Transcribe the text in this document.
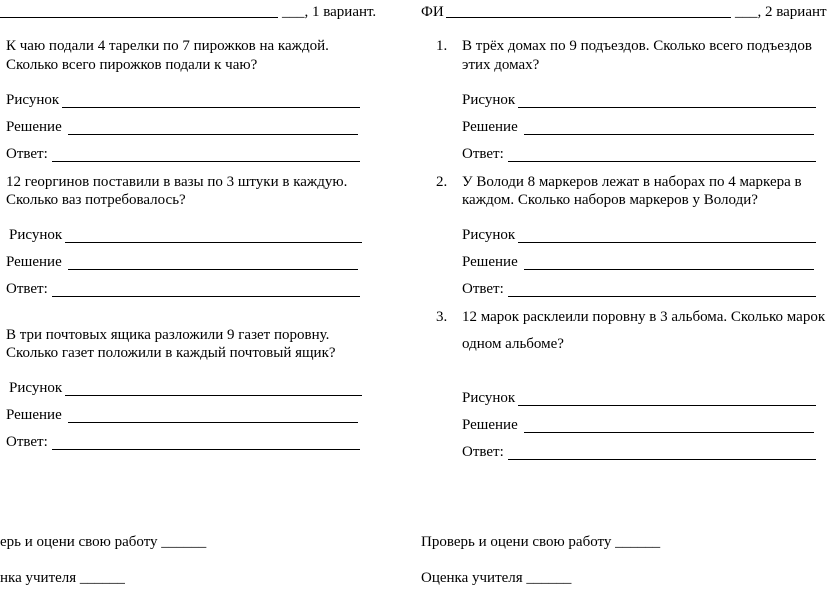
___, 1 вариант.
К чаю подали 4 тарелки по 7 пирожков на каждой.
Сколько всего пирожков подали к чаю?
Рисунок
Решение
Ответ:
12 георгинов поставили в вазы по 3 штуки в каждую.
Сколько ваз потребовалось?
Рисунок
Решение
Ответ:
В три почтовых ящика разложили 9 газет поровну.
Сколько газет положили в каждый почтовый ящик?
Рисунок
Решение
Ответ:
ерь и оцени свою работу ______
нка учителя ______
ФИ	___, 2 вариант
1. В трёх домах по 9 подъездов. Сколько всего подъездов
этих домах?
Рисунок
Решение
Ответ:
2. У Володи 8 маркеров лежат в наборах по 4 маркера в
каждом. Сколько наборов маркеров у Володи?
Рисунок
Решение
Ответ:
3. 12 марок расклеили поровну в 3 альбома. Сколько марок
одном альбоме?
Рисунок
Решение
Ответ:
Проверь и оцени свою работу ______
Оценка учителя ______
